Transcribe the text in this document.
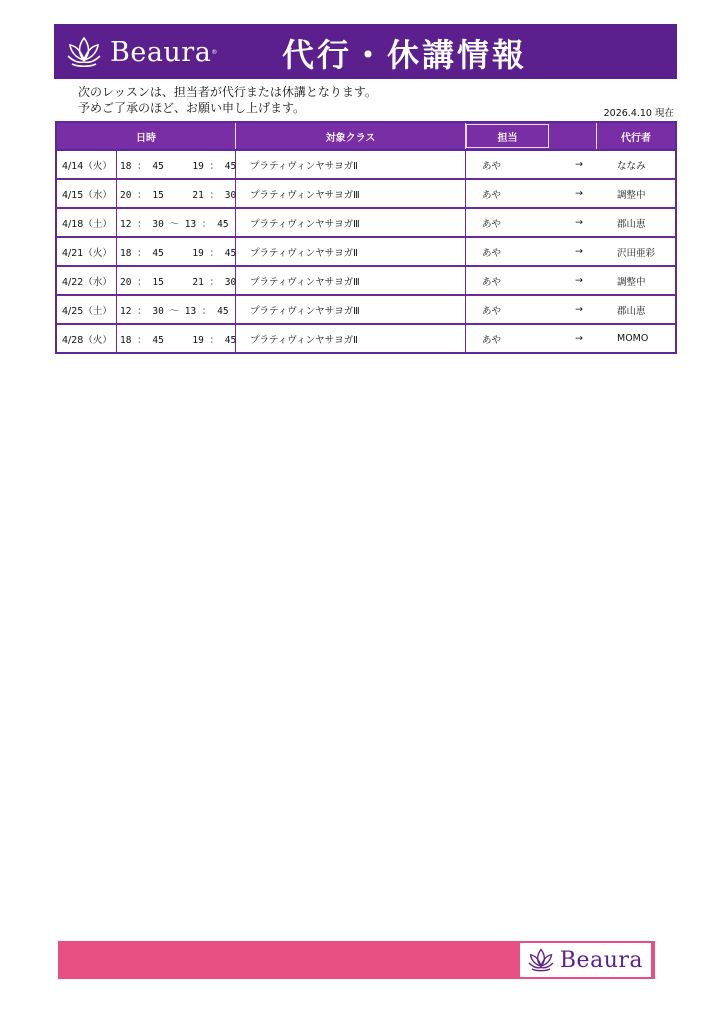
Beaura ® 代行・休講情報
次のレッスンは、担当者が代行または休講となります。
予めご了承のほど、お願い申し上げます。	2026.4.10 現在
日時	対象クラス	担当	代行者
4/14（火） 18 ： 45     19 ： 45	プラティヴィンヤサヨガⅡ	あや	→	ななみ
4/15（水） 20 ： 15     21 ： 30	プラティヴィンヤサヨガⅢ	あや	→	調整中
4/18（土） 12 ： 30 ～ 13 ： 45	プラティヴィンヤサヨガⅢ	あや	→	郡山恵
4/21（火） 18 ： 45     19 ： 45	プラティヴィンヤサヨガⅡ	あや	→	沢田亜彩
4/22（水） 20 ： 15     21 ： 30	プラティヴィンヤサヨガⅢ	あや	→	調整中
4/25（土） 12 ： 30 ～ 13 ： 45	プラティヴィンヤサヨガⅢ	あや	→	郡山恵
4/28（火） 18 ： 45     19 ： 45	プラティヴィンヤサヨガⅡ	あや	→	MOMO
Beaura
